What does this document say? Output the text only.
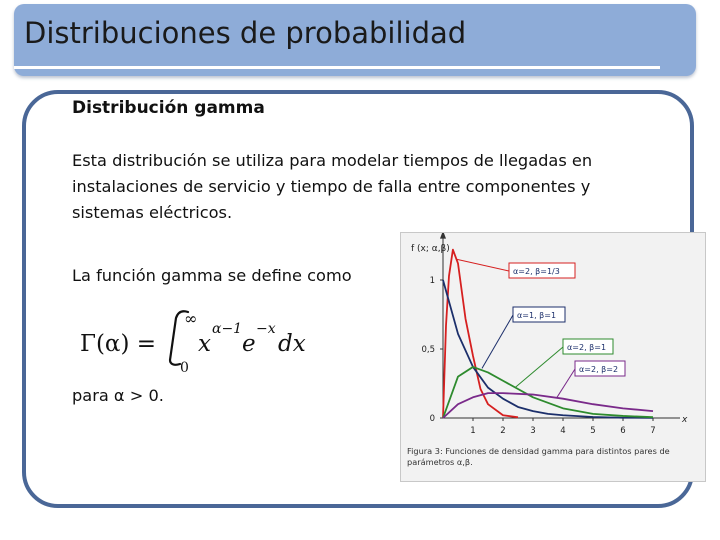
Distribuciones de probabilidad
Distribución gamma
Esta distribución se utiliza para modelar tiempos de llegadas en instalaciones de servicio y tiempo de falla entre componentes y sistemas eléctricos.
La función gamma se define como
Γ(α) =
∞
0
x
α−1
e
−x
dx
para α > 0.
f (x; α,β)
x
1	2	3	4	5	6	7
1
0,5
0
α=2, β=1/3
α=1, β=1
α=2, β=1
α=2, β=2
Figura 3: Funciones de densidad gamma para distintos pares de parámetros α,β.
